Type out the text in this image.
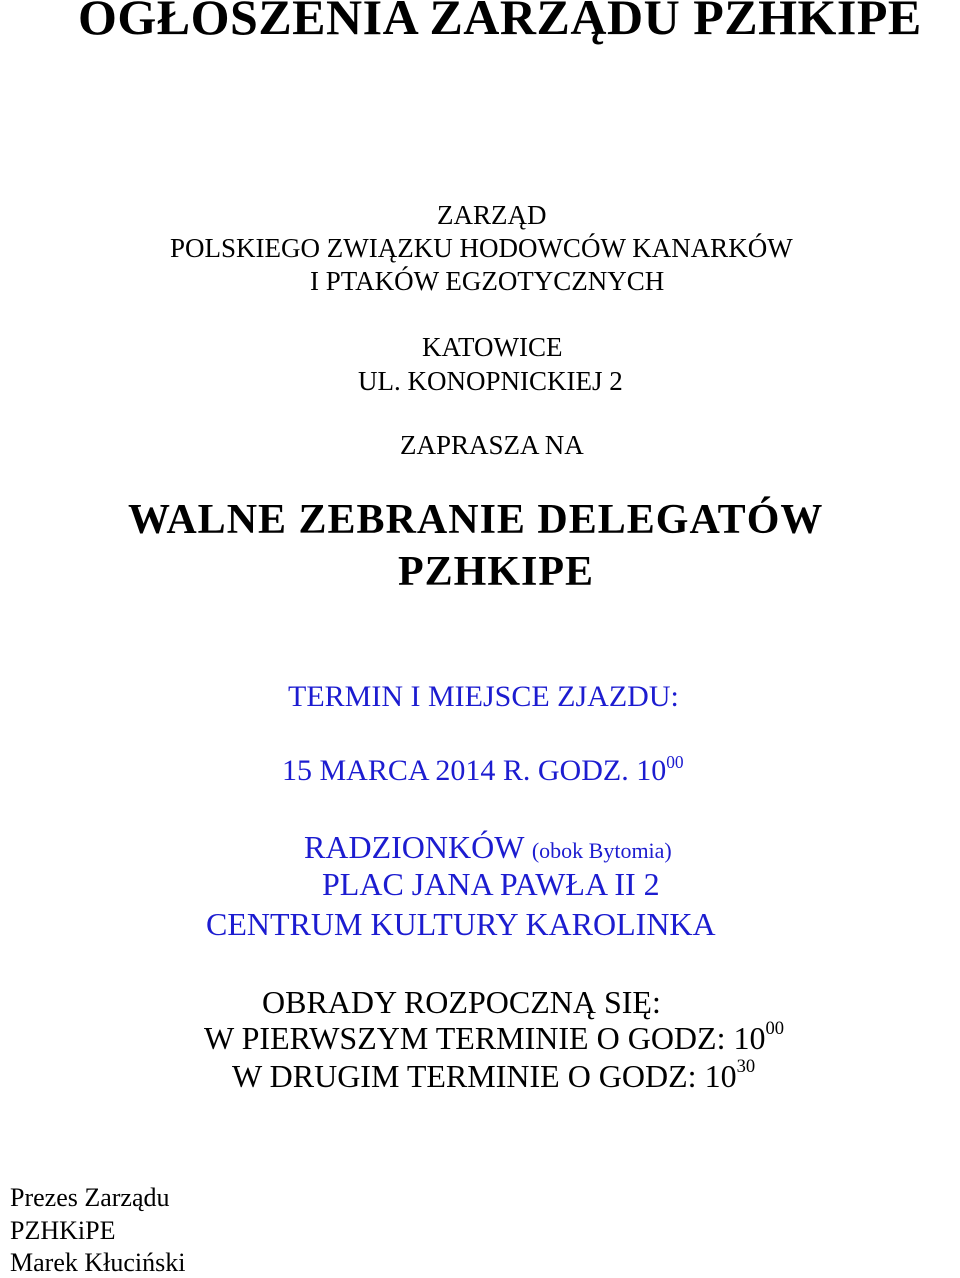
OGŁOSZENIA ZARZĄDU PZHKIPE
ZARZĄD
POLSKIEGO ZWIĄZKU HODOWCÓW KANARKÓW
I PTAKÓW EGZOTYCZNYCH
KATOWICE
UL. KONOPNICKIEJ 2
ZAPRASZA NA
WALNE ZEBRANIE DELEGATÓW
PZHKIPE
TERMIN I MIEJSCE ZJAZDU:
15 MARCA 2014 R. GODZ. $10^{00}$
RADZIONKÓW (obok Bytomia)
PLAC JANA PAWŁA II 2
CENTRUM KULTURY KAROLINKA
OBRADY ROZPOCZNĄ SIĘ:
W PIERWSZYM TERMINIE O GODZ: $10^{00}$
W DRUGIM TERMINIE O GODZ: $10^{30}$
Prezes Zarządu
PZHKiPE
Marek Kłuciński
